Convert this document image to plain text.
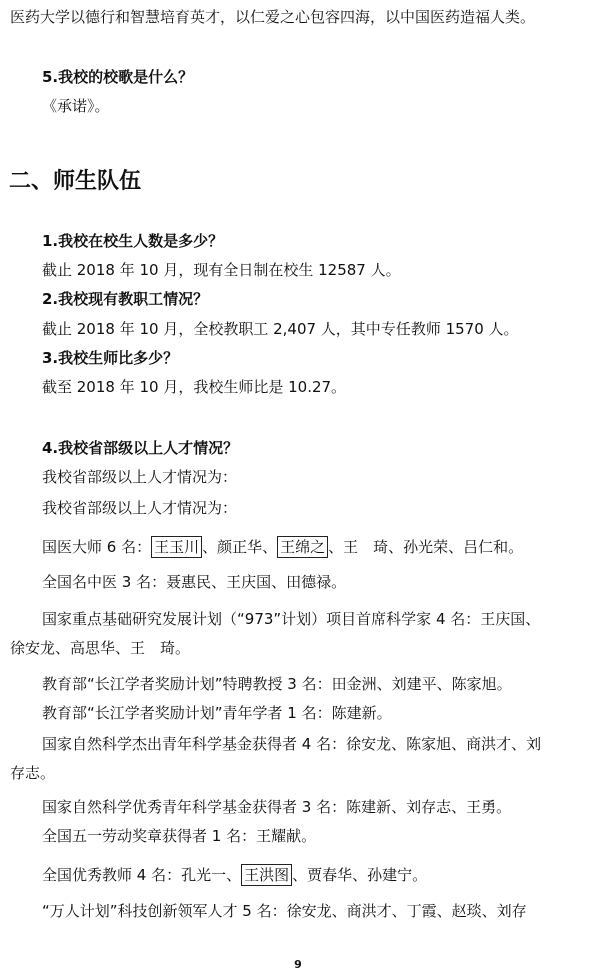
医药大学以德行和智慧培育英才，以仁爱之心包容四海，以中国医药造福人类。
5.我校的校歌是什么？
《承诺》。
二、师生队伍
1.我校在校生人数是多少？
截止 2018 年 10 月，现有全日制在校生 12587 人。
2.我校现有教职工情况？
截止 2018 年 10 月，全校教职工 2,407 人，其中专任教师 1570 人。
3.我校生师比多少？
截至 2018 年 10 月，我校生师比是 10.27。
4.我校省部级以上人才情况？
我校省部级以上人才情况为：
我校省部级以上人才情况为：
国医大师 6 名： 王玉川 、颜正华、 王绵之 、王　琦、孙光荣、吕仁和。
全国名中医 3 名：聂惠民、王庆国、田德禄。
国家重点基础研究发展计划（“973”计划）项目首席科学家 4 名：王庆国、
徐安龙、高思华、王　琦。
教育部“长江学者奖励计划”特聘教授 3 名：田金洲、刘建平、陈家旭。
教育部“长江学者奖励计划”青年学者 1 名：陈建新。
国家自然科学杰出青年科学基金获得者 4 名：徐安龙、陈家旭、商洪才、刘
存志。
国家自然科学优秀青年科学基金获得者 3 名：陈建新、刘存志、王勇。
全国五一劳动奖章获得者 1 名：王耀献。
全国优秀教师 4 名：孔光一、 王洪图 、贾春华、孙建宁。
“万人计划”科技创新领军人才 5 名：徐安龙、商洪才、丁霞、赵琰、刘存
9
